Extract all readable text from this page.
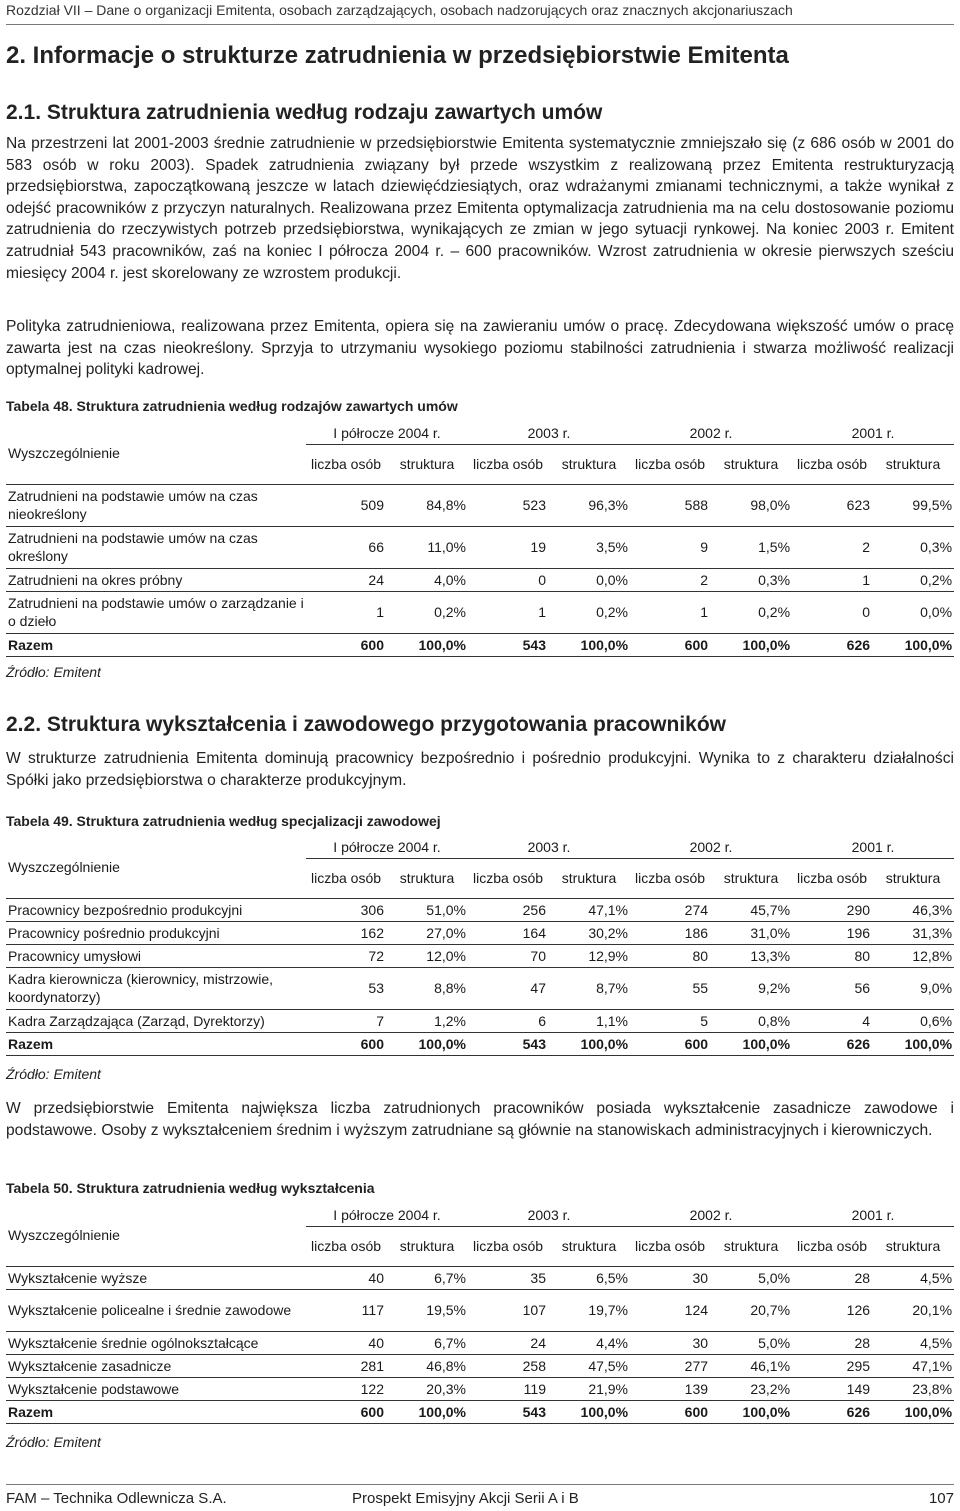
Rozdział VII – Dane o organizacji Emitenta, osobach zarządzających, osobach nadzorujących oraz znacznych akcjonariuszach
2. Informacje o strukturze zatrudnienia w przedsiębiorstwie Emitenta
2.1. Struktura zatrudnienia według rodzaju zawartych umów

Na przestrzeni lat 2001-2003 średnie zatrudnienie w przedsiębiorstwie Emitenta systematycznie zmniejszało się (z 686 osób w 2001 do 583 osób w roku 2003). Spadek zatrudnienia związany był przede wszystkim z realizowaną przez Emitenta restrukturyzacją przedsiębiorstwa, zapoczątkowaną jeszcze w latach dziewięćdziesiątych, oraz wdrażanymi zmianami technicznymi, a także wynikał z odejść pracowników z przyczyn naturalnych. Realizowana przez Emitenta optymalizacja zatrudnienia ma na celu dostosowanie poziomu zatrudnienia do rzeczywistych potrzeb przedsiębiorstwa, wynikających ze zmian w jego sytuacji rynkowej. Na koniec 2003 r. Emitent zatrudniał 543 pracowników, zaś na koniec I półrocza 2004 r. – 600 pracowników. Wzrost zatrudnienia w okresie pierwszych sześciu miesięcy 2004 r. jest skorelowany ze wzrostem produkcji.

Polityka zatrudnieniowa, realizowana przez Emitenta, opiera się na zawieraniu umów o pracę. Zdecydowana większość umów o pracę zawarta jest na czas nieokreślony. Sprzyja to utrzymaniu wysokiego poziomu stabilności zatrudnienia i stwarza możliwość realizacji optymalnej polityki kadrowej.

Tabela 48. Struktura zatrudnienia według rodzajów zawartych umów
Wyszczególnienie	I półrocze 2004 r.		2003 r.		2002 r.		2001 r.	
	liczba osób	struktura	liczba osób	struktura	liczba osób	struktura	liczba osób	struktura
Zatrudnieni na podstawie umów na czas nieokreślony	509	84,8%	523	96,3%	588	98,0%	623	99,5%
Zatrudnieni na podstawie umów na czas określony	66	11,0%	19	3,5%	9	1,5%	2	0,3%
Zatrudnieni na okres próbny	24	4,0%	0	0,0%	2	0,3%	1	0,2%
Zatrudnieni na podstawie umów o zarządzanie i o dzieło	1	0,2%	1	0,2%	1	0,2%	0	0,0%
Razem	600	100,0%	543	100,0%	600	100,0%	626	100,0%
Źródło: Emitent
2.2. Struktura wykształcenia i zawodowego przygotowania pracowników

W strukturze zatrudnienia Emitenta dominują pracownicy bezpośrednio i pośrednio produkcyjni. Wynika to z charakteru działalności Spółki jako przedsiębiorstwa o charakterze produkcyjnym.

Tabela 49. Struktura zatrudnienia według specjalizacji zawodowej
Wyszczególnienie	I półrocze 2004 r.		2003 r.		2002 r.		2001 r.	
	liczba osób	struktura	liczba osób	struktura	liczba osób	struktura	liczba osób	struktura
Pracownicy bezpośrednio produkcyjni	306	51,0%	256	47,1%	274	45,7%	290	46,3%
Pracownicy pośrednio produkcyjni	162	27,0%	164	30,2%	186	31,0%	196	31,3%
Pracownicy umysłowi	72	12,0%	70	12,9%	80	13,3%	80	12,8%
Kadra kierownicza (kierownicy, mistrzowie, koordynatorzy)	53	8,8%	47	8,7%	55	9,2%	56	9,0%
Kadra Zarządzająca (Zarząd, Dyrektorzy)	7	1,2%	6	1,1%	5	0,8%	4	0,6%
Razem	600	100,0%	543	100,0%	600	100,0%	626	100,0%
Źródło: Emitent

W przedsiębiorstwie Emitenta największa liczba zatrudnionych pracowników posiada wykształcenie zasadnicze zawodowe i podstawowe. Osoby z wykształceniem średnim i wyższym zatrudniane są głównie na stanowiskach administracyjnych i kierowniczych.

Tabela 50. Struktura zatrudnienia według wykształcenia
Wyszczególnienie	I półrocze 2004 r.		2003 r.		2002 r.		2001 r.	
	liczba osób	struktura	liczba osób	struktura	liczba osób	struktura	liczba osób	struktura
Wykształcenie wyższe	40	6,7%	35	6,5%	30	5,0%	28	4,5%
Wykształcenie policealne i średnie zawodowe	117	19,5%	107	19,7%	124	20,7%	126	20,1%
Wykształcenie średnie ogólnokształcące	40	6,7%	24	4,4%	30	5,0%	28	4,5%
Wykształcenie zasadnicze	281	46,8%	258	47,5%	277	46,1%	295	47,1%
Wykształcenie podstawowe	122	20,3%	119	21,9%	139	23,2%	149	23,8%
Razem	600	100,0%	543	100,0%	600	100,0%	626	100,0%
Źródło: Emitent
FAM – Technika Odlewnicza S.A.	Prospekt Emisyjny Akcji Serii A i B	107
